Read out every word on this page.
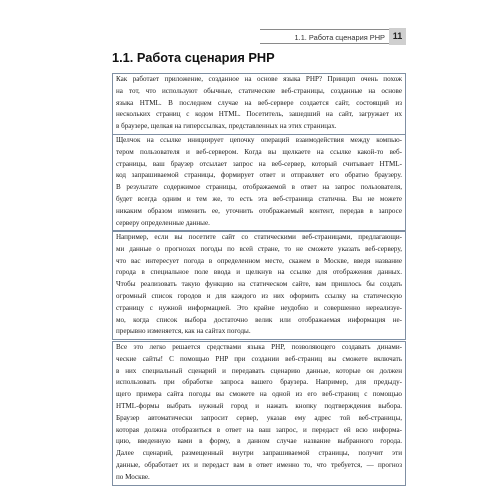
1.1. Работа сценария PHP 11
1.1. Работа сценария PHP
Как работает приложение, созданное на основе языка PHP? Принцип очень похож
на тот, что используют обычные, статические веб-страницы, созданные на основе
языка HTML. В последнем случае на веб-сервере создается сайт, состоящий из
нескольких страниц с кодом HTML. Посетитель, зашедший на сайт, загружает их
в браузере, щелкая на гиперссылках, представленных на этих страницах.
Щелчок на ссылке инициирует цепочку операций взаимодействия между компью-
тером пользователя и веб-сервером. Когда вы щелкаете на ссылке какой-то веб-
страницы, ваш браузер отсылает запрос на веб-сервер, который считывает HTML-
код запрашиваемой страницы, формирует ответ и отправляет его обратно браузеру.
В результате содержимое страницы, отображаемой в ответ на запрос пользователя,
будет всегда одним и тем же, то есть эта веб-страница статична. Вы не можете
никаким образом изменить ее, уточнить отображаемый контент, передав в запросе
серверу определенные данные.
Например, если вы посетите сайт со статическими веб-страницами, предлагающи-
ми данные о прогнозах погоды по всей стране, то не сможете указать веб-серверу,
что вас интересует погода в определенном месте, скажем в Москве, введя название
города в специальное поле ввода и щелкнув на ссылке для отображения данных.
Чтобы реализовать такую функцию на статическом сайте, вам пришлось бы создать
огромный список городов и для каждого из них оформить ссылку на статическую
страницу с нужной информацией. Это крайне неудобно и совершенно нереализуе-
мо, когда список выбора достаточно велик или отображаемая информация не-
прерывно изменяется, как на сайтах погоды.
Все это легко решается средствами языка PHP, позволяющего создавать динами-
ческие сайты! С помощью PHP при создании веб-страниц вы сможете включать
в них специальный сценарий и передавать сценарию данные, которые он должен
использовать при обработке запроса вашего браузера. Например, для предыду-
щего примера сайта погоды вы сможете на одной из его веб-страниц с помощью
HTML-формы выбрать нужный город и нажать кнопку подтверждения выбора.
Браузер автоматически запросит сервер, указав ему адрес той веб-страницы,
которая должна отобразиться в ответ на ваш запрос, и передаст ей всю информа-
цию, введенную вами в форму, в данном случае название выбранного города.
Далее сценарий, размещенный внутри запрашиваемой страницы, получит эти
данные, обработает их и передаст вам в ответ именно то, что требуется, — прогноз
по Москве.
